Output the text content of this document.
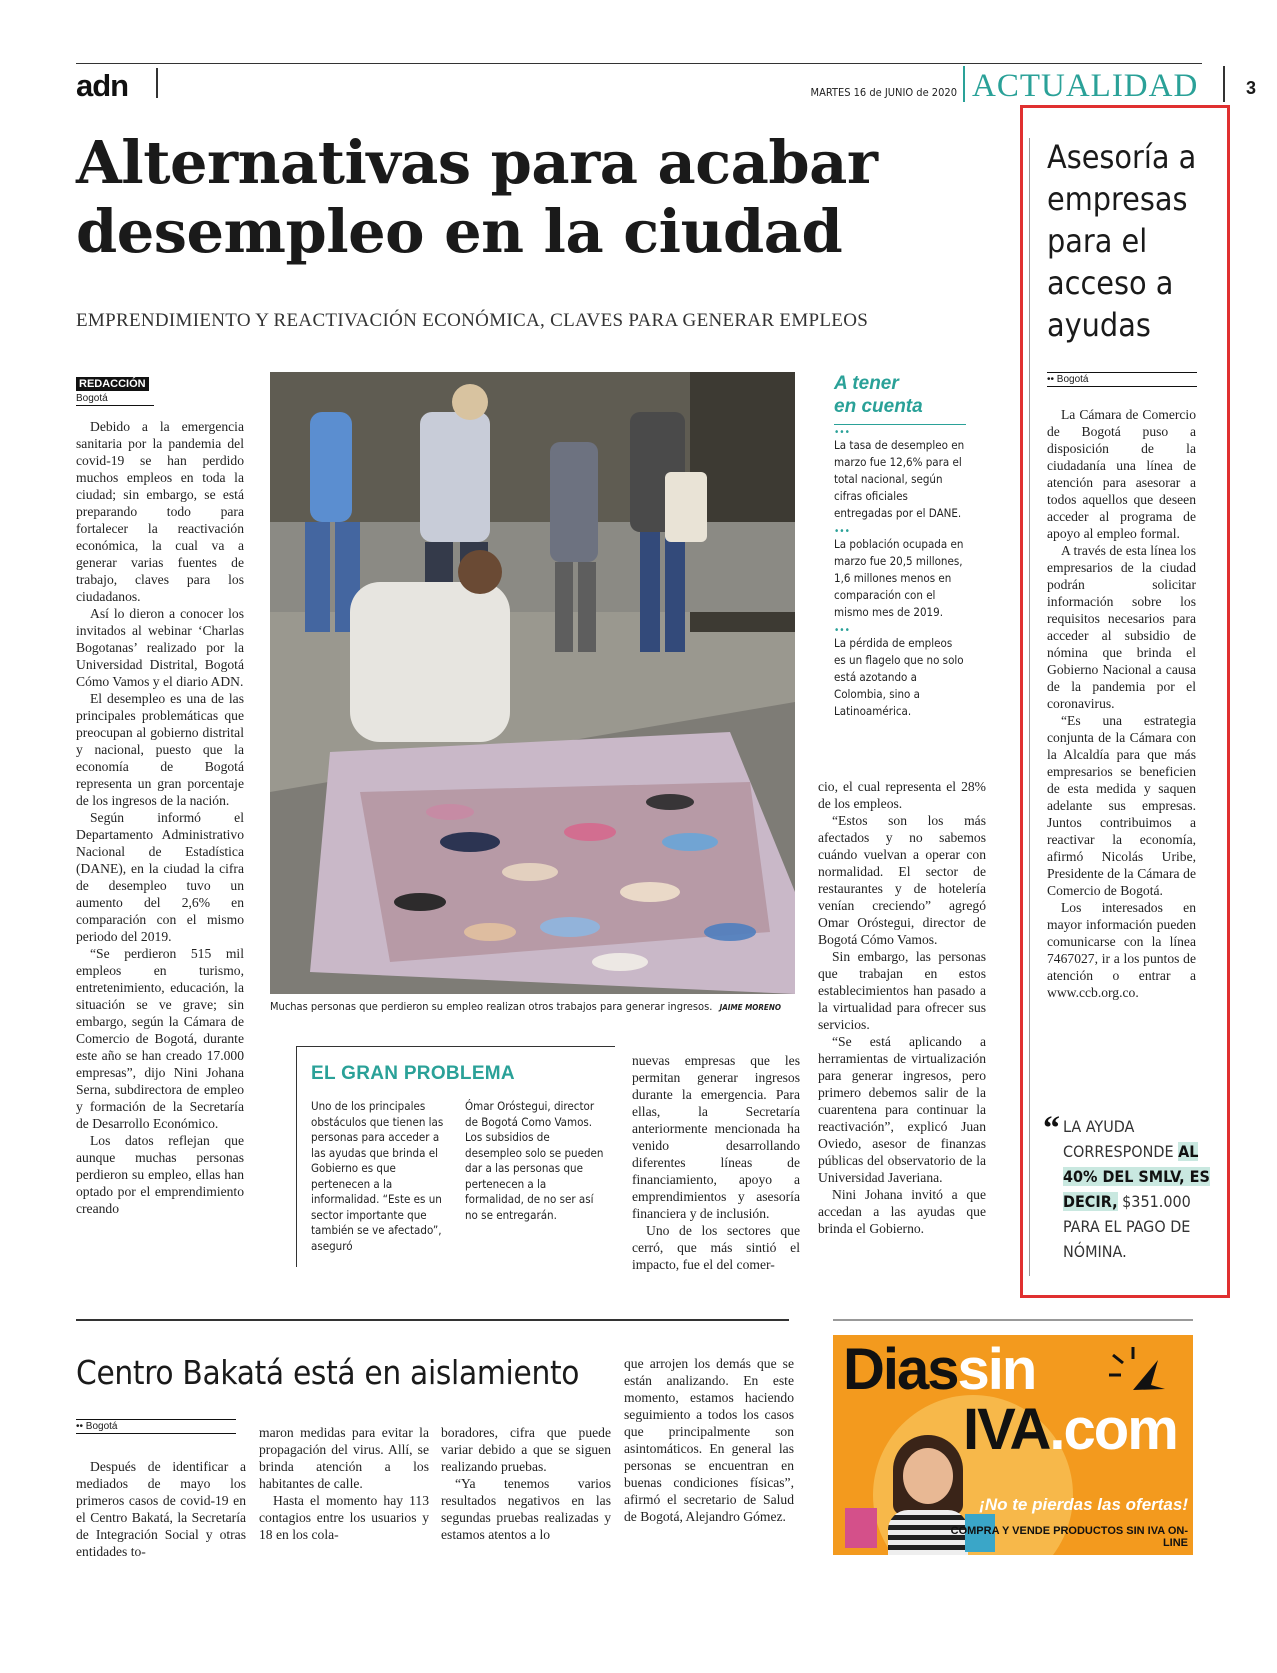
adn	MARTES 16 de JUNIO de 2020 ACTUALIDAD	3
Alternativas para acabar
desempleo en la ciudad
EMPRENDIMIENTO Y REACTIVACIÓN ECONÓMICA, CLAVES PARA GENERAR EMPLEOS
REDACCIÓN
Bogotá

Debido a la emergencia sanitaria por la pandemia del covid-19 se han perdido muchos empleos en toda la ciudad; sin embargo, se está preparando todo para fortalecer la reactivación económica, la cual va a generar varias fuentes de trabajo, claves para los ciudadanos.

Así lo dieron a conocer los invitados al webinar ‘Charlas Bogotanas’ realizado por la Universidad Distrital, Bogotá Cómo Vamos y el diario ADN.

El desempleo es una de las principales problemáticas que preocupan al gobierno distrital y nacional, puesto que la economía de Bogotá representa un gran porcentaje de los ingresos de la nación.

Según informó el Departamento Administrativo Nacional de Estadística (DANE), en la ciudad la cifra de desempleo tuvo un aumento del 2,6% en comparación con el mismo periodo del 2019.

“Se perdieron 515 mil empleos en turismo, entretenimiento, educación, la situación se ve grave; sin embargo, según la Cámara de Comercio de Bogotá, durante este año se han creado 17.000 empresas”, dijo Nini Johana Serna, subdirectora de empleo y formación de la Secretaría de Desarrollo Económico.

Los datos reflejan que aunque muchas personas perdieron su empleo, ellas han optado por el emprendimiento creando

Muchas personas que perdieron su empleo realizan otros trabajos para generar ingresos. JAIME MORENO
A tener
en cuenta
•••
La tasa de desempleo en marzo fue 12,6% para el total nacional, según cifras oficiales entregadas por el DANE.
•••
La población ocupada en marzo fue 20,5 millones, 1,6 millones menos en comparación con el mismo mes de 2019.
•••
La pérdida de empleos es un flagelo que no solo está azotando a Colombia, sino a Latinoamérica.

cio, el cual representa el 28% de los empleos.

“Estos son los más afectados y no sabemos cuándo vuelvan a operar con normalidad. El sector de restaurantes y de hotelería venían creciendo” agregó Omar Oróstegui, director de Bogotá Cómo Vamos.

Sin embargo, las personas que trabajan en estos establecimientos han pasado a la virtualidad para ofrecer sus servicios.

“Se está aplicando a herramientas de virtualización para generar ingresos, pero primero debemos salir de la cuarentena para continuar la reactivación”, explicó Juan Oviedo, asesor de finanzas públicas del observatorio de la Universidad Javeriana.

Nini Johana invitó a que accedan a las ayudas que brinda el Gobierno.

EL GRAN PROBLEMA
Uno de los principales obstáculos que tienen las personas para acceder a las ayudas que brinda el Gobierno es que pertenecen a la informalidad. “Este es un sector importante que también se ve afectado”, aseguró
Ómar Oróstegui, director de Bogotá Como Vamos. Los subsidios de desempleo solo se pueden dar a las personas que pertenecen a la formalidad, de no ser así no se entregarán.

nuevas empresas que les permitan generar ingresos durante la emergencia. Para ellas, la Secretaría anteriormente mencionada ha venido desarrollando diferentes líneas de financiamiento, apoyo a emprendimientos y asesoría financiera y de inclusión.

Uno de los sectores que cerró, que más sintió el impacto, fue el del comer-

Asesoría a
empresas
para el
acceso a
ayudas
•• Bogotá

La Cámara de Comercio de Bogotá puso a disposición de la ciudadanía una línea de atención para asesorar a todos aquellos que deseen acceder al programa de apoyo al empleo formal.

A través de esta línea los empresarios de la ciudad podrán solicitar información sobre los requisitos necesarios para acceder al subsidio de nómina que brinda el Gobierno Nacional a causa de la pandemia por el coronavirus.

“Es una estrategia conjunta de la Cámara con la Alcaldía para que más empresarios se beneficien de esta medida y saquen adelante sus empresas. Juntos contribuimos a reactivar la economía, afirmó Nicolás Uribe, Presidente de la Cámara de Comercio de Bogotá.

Los interesados en mayor información pueden comunicarse con la línea 7467027, ir a los puntos de atención o entrar a www.ccb.org.co.

“ LA AYUDA CORRESPONDE AL 40% DEL SMLV, ES DECIR, $351.000 PARA EL PAGO DE NÓMINA.
Centro Bakatá está en aislamiento
•• Bogotá

Después de identificar a mediados de mayo los primeros casos de covid-19 en el Centro Bakatá, la Secretaría de Integración Social y otras entidades to-

maron medidas para evitar la propagación del virus. Allí, se brinda atención a los habitantes de calle.

Hasta el momento hay 113 contagios entre los usuarios y 18 en los cola-

boradores, cifra que puede variar debido a que se siguen realizando pruebas.

“Ya tenemos varios resultados negativos en las segundas pruebas realizadas y estamos atentos a lo

que arrojen los demás que se están analizando. En este momento, estamos haciendo seguimiento a todos los casos que principalmente son asintomáticos. En general las personas se encuentran en buenas condiciones físicas”, afirmó el secretario de Salud de Bogotá, Alejandro Gómez.

Diassin
IVA.com
¡No te pierdas las ofertas!
COMPRA Y VENDE PRODUCTOS SIN IVA ON-LINE
